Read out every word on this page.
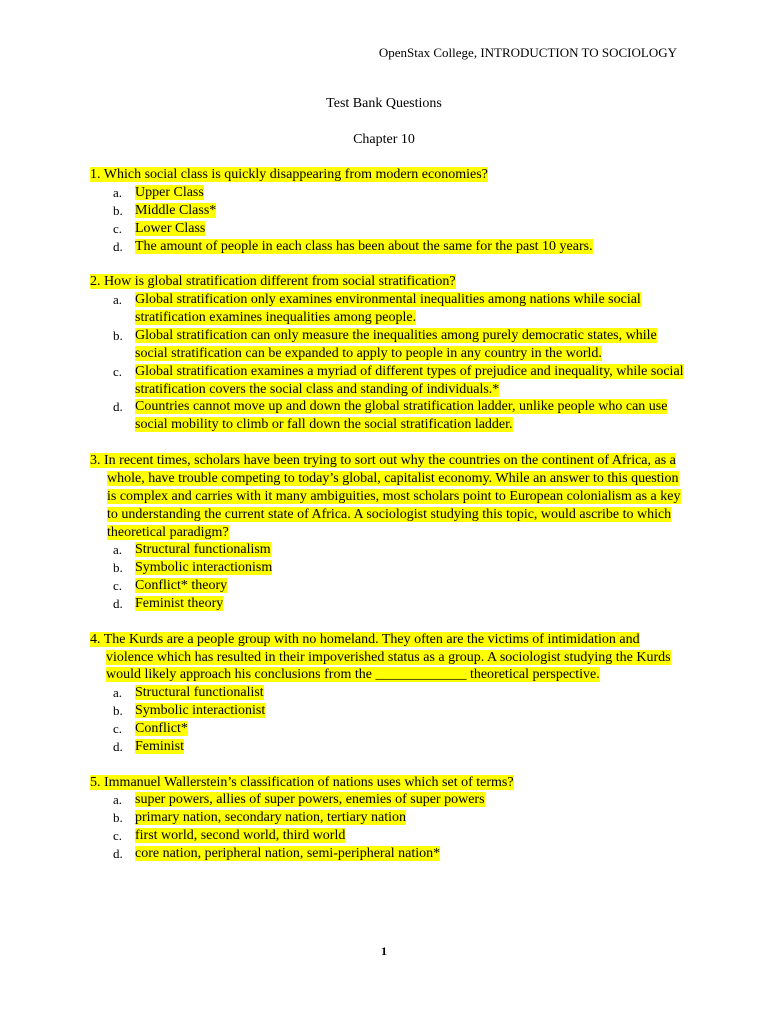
OpenStax College, INTRODUCTION TO SOCIOLOGY
Test Bank Questions
Chapter 10
1. Which social class is quickly disappearing from modern economies?
a. Upper Class
b. Middle Class*
c. Lower Class
d. The amount of people in each class has been about the same for the past 10 years.
2. How is global stratification different from social stratification?
a. Global stratification only examines environmental inequalities among nations while social stratification examines inequalities among people.
b. Global stratification can only measure the inequalities among purely democratic states, while social stratification can be expanded to apply to people in any country in the world.
c. Global stratification examines a myriad of different types of prejudice and inequality, while social stratification covers the social class and standing of individuals.*
d. Countries cannot move up and down the global stratification ladder, unlike people who can use social mobility to climb or fall down the social stratification ladder.
3. In recent times, scholars have been trying to sort out why the countries on the continent of Africa, as a whole, have trouble competing to today’s global, capitalist economy. While an answer to this question is complex and carries with it many ambiguities, most scholars point to European colonialism as a key to understanding the current state of Africa. A sociologist studying this topic, would ascribe to which theoretical paradigm?
a. Structural functionalism
b. Symbolic interactionism
c. Conflict* theory
d. Feminist theory
4. The Kurds are a people group with no homeland. They often are the victims of intimidation and violence which has resulted in their impoverished status as a group. A sociologist studying the Kurds would likely approach his conclusions from the _____________ theoretical perspective.
a. Structural functionalist
b. Symbolic interactionist
c. Conflict*
d. Feminist
5. Immanuel Wallerstein’s classification of nations uses which set of terms?
a. super powers, allies of super powers, enemies of super powers
b. primary nation, secondary nation, tertiary nation
c. first world, second world, third world
d. core nation, peripheral nation, semi-peripheral nation*
1
